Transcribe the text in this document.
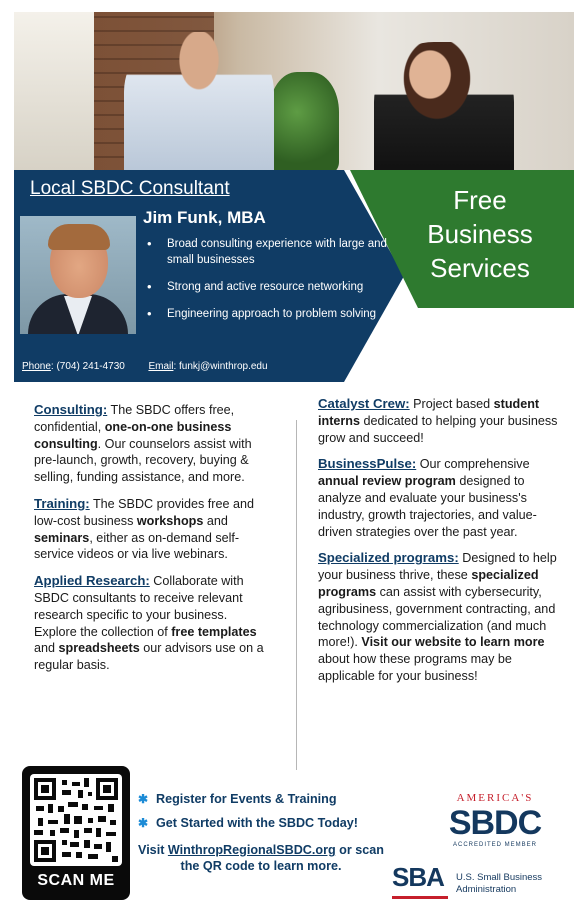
Local SBDC Consultant
Jim Funk, MBA
• Broad consulting experience with large and small businesses
• Strong and active resource networking
• Engineering approach to problem solving
Phone: (704) 241-4730 Email: funkj@winthrop.edu
Free
Business
Services

Consulting: The SBDC offers free, confidential, one-on-one business consulting. Our counselors assist with pre-launch, growth, recovery, buying & selling, funding assistance, and more.

Training: The SBDC provides free and low-cost business workshops and seminars, either as on-demand self-service videos or via live webinars.

Applied Research: Collaborate with SBDC consultants to receive relevant research specific to your business. Explore the collection of free templates and spreadsheets our advisors use on a regular basis.

Catalyst Crew: Project based student interns dedicated to helping your business grow and succeed!

BusinessPulse: Our comprehensive annual review program designed to analyze and evaluate your business's industry, growth trajectories, and value-driven strategies over the past year.

Specialized programs: Designed to help your business thrive, these specialized programs can assist with cybersecurity, agribusiness, government contracting, and technology commercialization (and much more!). Visit our website to learn more about how these programs may be applicable for your business!

SCAN ME
✱ Register for Events & Training
✱ Get Started with the SBDC Today!
Visit WinthropRegionalSBDC.org or scan the QR code to learn more.
AMERICA'S
SBDC
ACCREDITED MEMBER
SBA U.S. Small Business
Administration
